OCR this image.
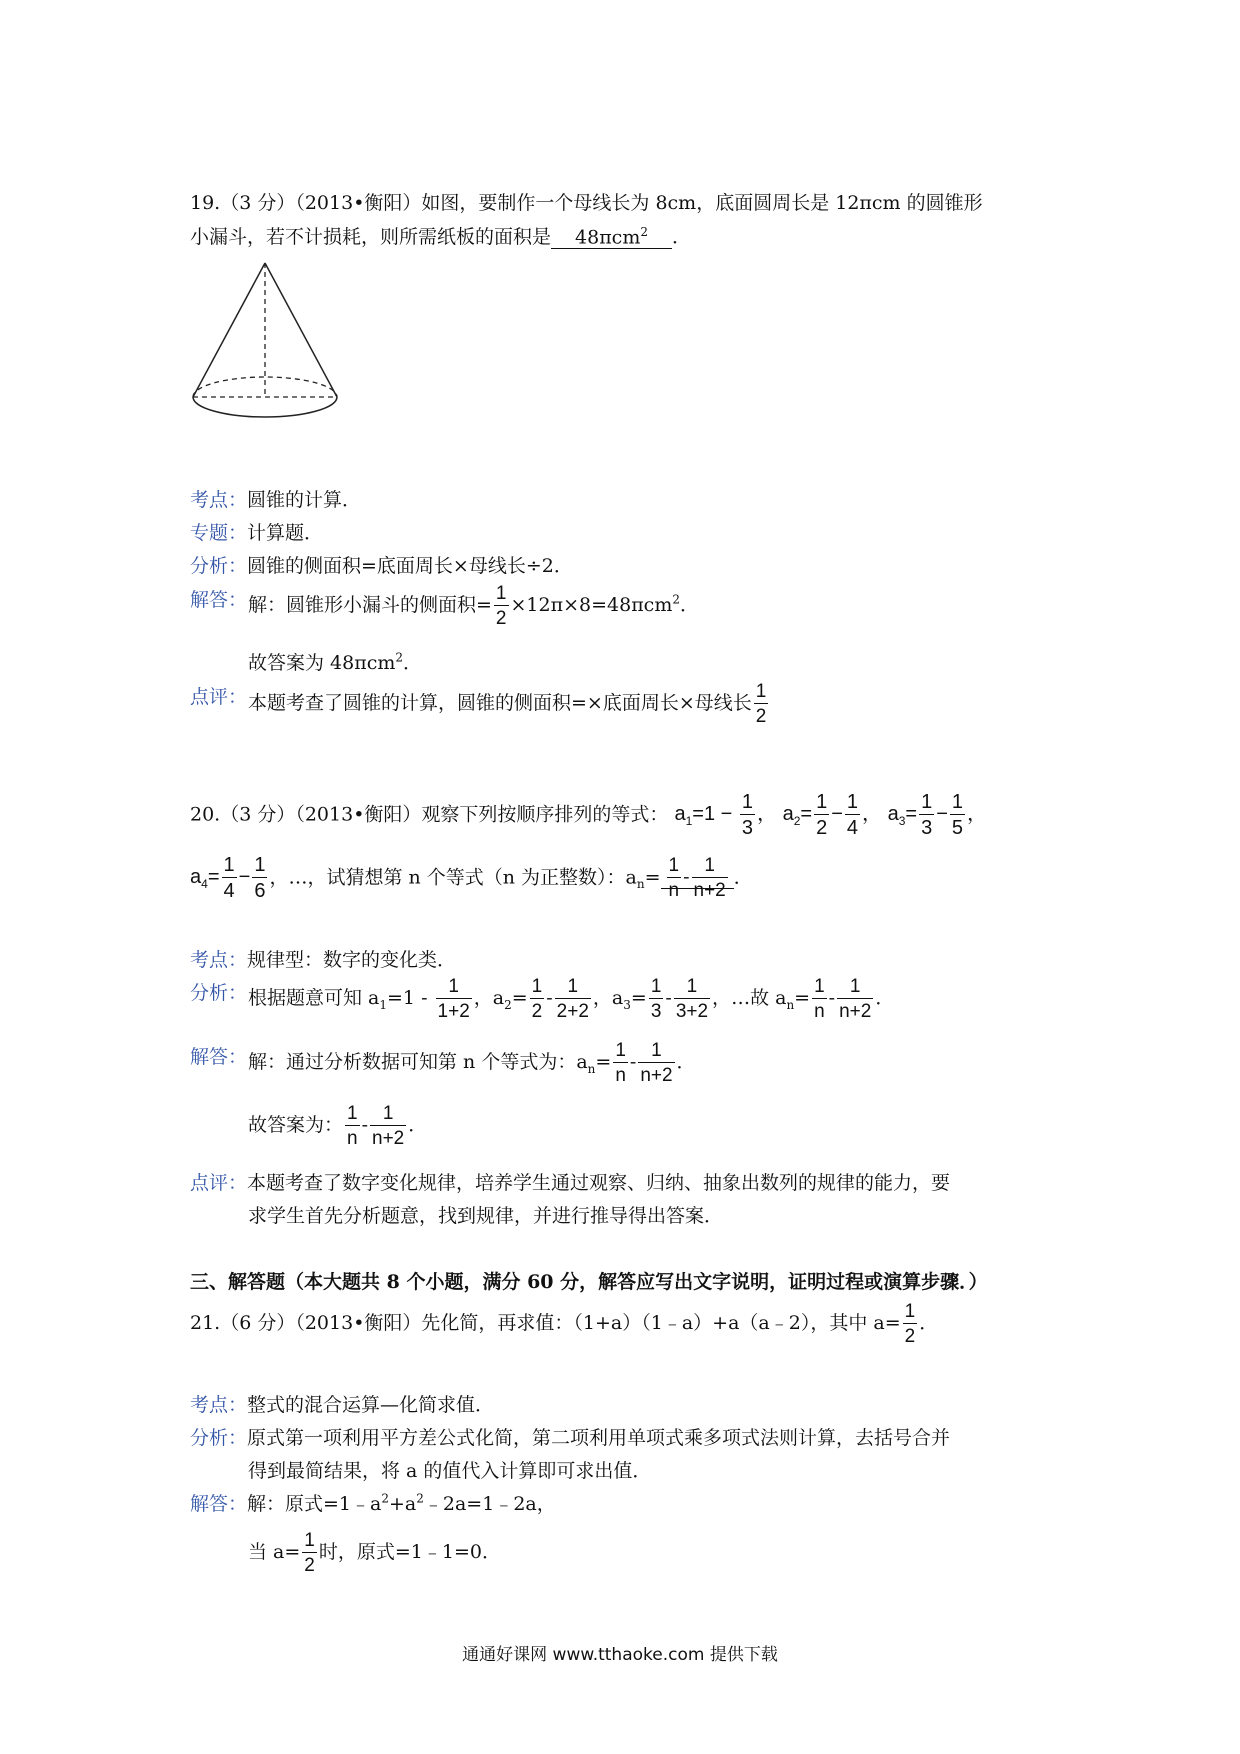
19.（3 分）（2013•衡阳）如图，要制作一个母线长为 8cm，底面圆周长是 12πcm 的圆锥形
小漏斗，若不计损耗，则所需纸板的面积是 48πcm$^2$ ．
考点：圆锥的计算．
专题：计算题．
分析：圆锥的侧面积=底面周长×母线长÷2．
解答： 解：圆锥形小漏斗的侧面积= $\frac{1}{2} \times 12\pi\times 8=48\pi cm^2$．
故答案为 48πcm$^2$．
点评： 本题考查了圆锥的计算，圆锥的侧面积=×底面周长×母线长 $\frac{1}{2}$
20.（3 分）（2013•衡阳）观察下列按顺序排列的等式： $a_1=1 - \frac{1}{3}$ ， $a_2= \frac{1}{2} - \frac{1}{4}$ ， $a_3= \frac{1}{3} - \frac{1}{5}$ ，
$a_4= \frac{1}{4} - \frac{1}{6}$ ，…，试猜想第 n 个等式（n 为正整数）：$a_n= \frac{1}{n} - \frac{1}{n+2}$ ．
考点：规律型：数字的变化类．
分析： 根据题意可知 $a_1=1 - \frac{1}{1+2}$ ，$a_2= \frac{1}{2} - \frac{1}{2+2}$ ，$a_3= \frac{1}{3} - \frac{1}{3+2}$ ，…故 $a_n= \frac{1}{n} - \frac{1}{n+2}$ ．
解答： 解：通过分析数据可知第 n 个等式为：$a_n= \frac{1}{n} - \frac{1}{n+2}$ ．
故答案为： $\frac{1}{n} - \frac{1}{n+2}$ ．
点评：本题考查了数字变化规律，培养学生通过观察、归纳、抽象出数列的规律的能力，要
求学生首先分析题意，找到规律，并进行推导得出答案．
三、解答题（本大题共 8 个小题，满分 60 分，解答应写出文字说明，证明过程或演算步骤．）
21.（6 分）（2013•衡阳）先化简，再求值：（1+a）（1﹣a）+a（a﹣2），其中 $a= \frac{1}{2}$ ．
考点：整式的混合运算—化简求值．
分析：原式第一项利用平方差公式化简，第二项利用单项式乘多项式法则计算，去括号合并
得到最简结果，将 a 的值代入计算即可求出值．
解答：解：原式$=1﹣a^2+a^2﹣2a=1﹣2a$，
当 $a= \frac{1}{2}$ 时，原式=1﹣1=0．
通通好课网 www.tthaoke.com 提供下载
